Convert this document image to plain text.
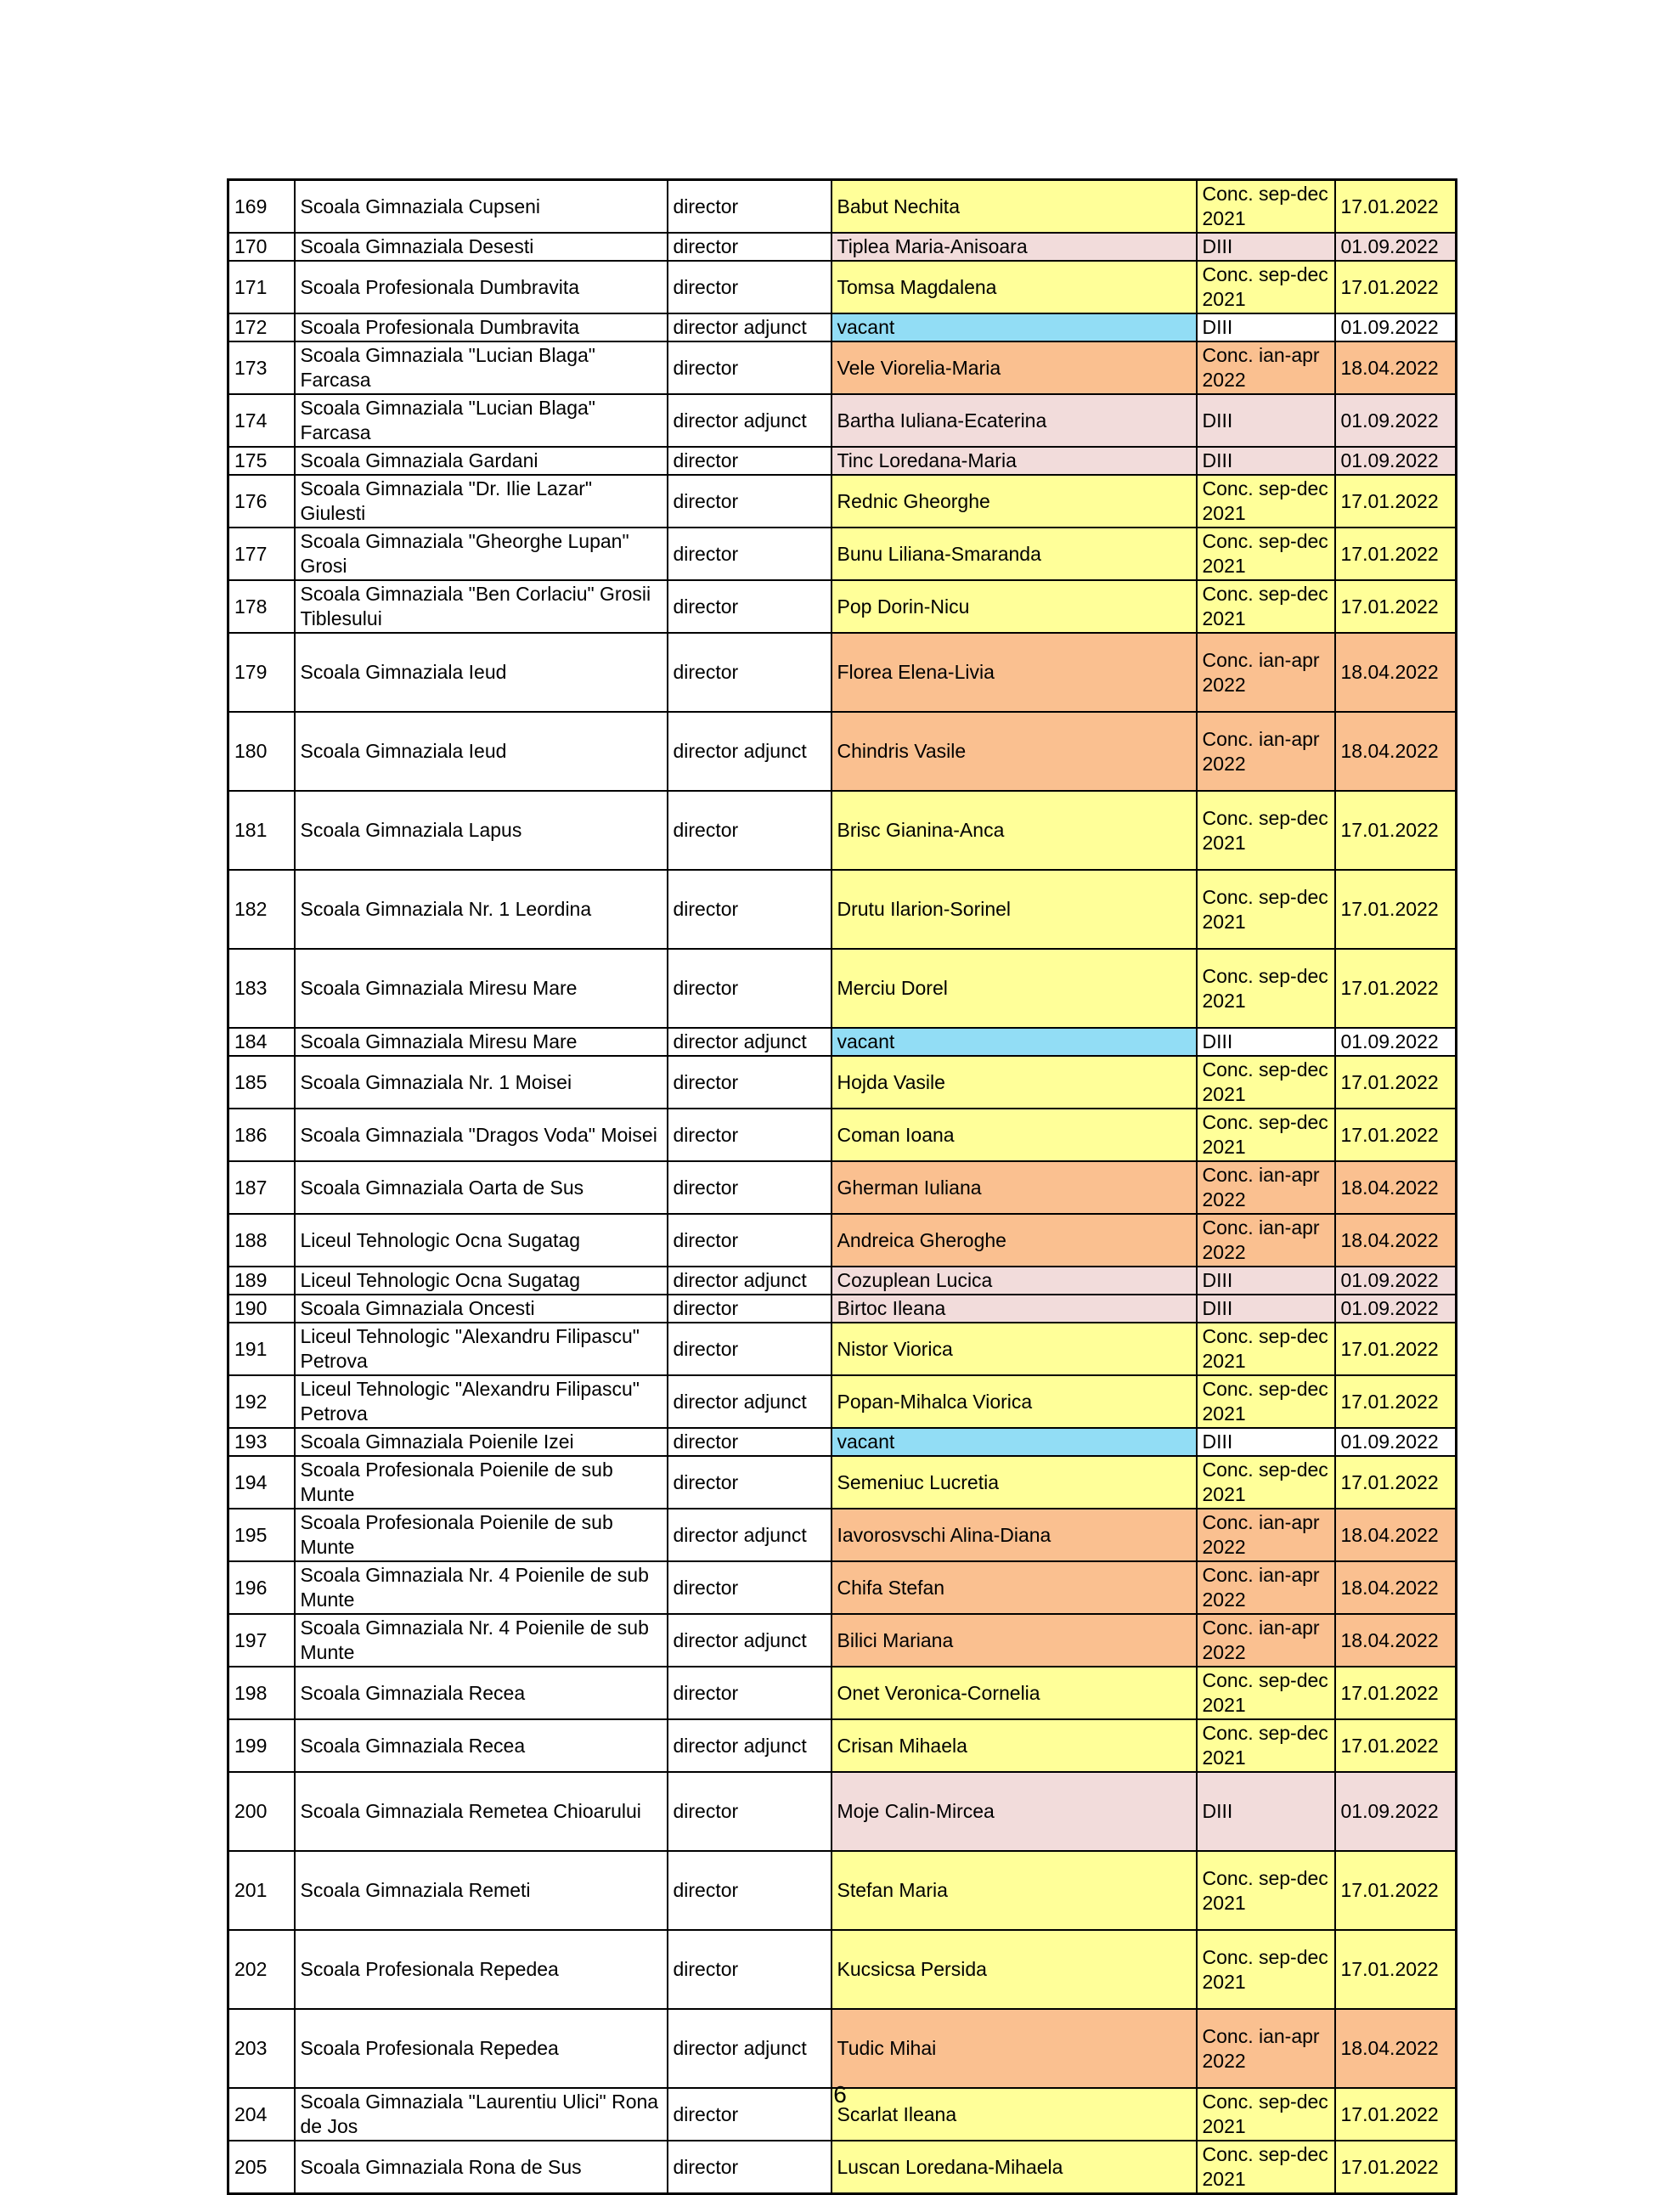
169	Scoala Gimnaziala Cupseni	director	Babut Nechita	Conc. sep-dec 2021	17.01.2022
170	Scoala Gimnaziala Desesti	director	Tiplea Maria-Anisoara	DIII	01.09.2022
171	Scoala Profesionala Dumbravita	director	Tomsa Magdalena	Conc. sep-dec 2021	17.01.2022
172	Scoala Profesionala Dumbravita	director adjunct	vacant	DIII	01.09.2022
173	Scoala Gimnaziala "Lucian Blaga" Farcasa	director	Vele Viorelia-Maria	Conc. ian-apr 2022	18.04.2022
174	Scoala Gimnaziala "Lucian Blaga" Farcasa	director adjunct	Bartha Iuliana-Ecaterina	DIII	01.09.2022
175	Scoala Gimnaziala Gardani	director	Tinc Loredana-Maria	DIII	01.09.2022
176	Scoala Gimnaziala "Dr. Ilie Lazar" Giulesti	director	Rednic Gheorghe	Conc. sep-dec 2021	17.01.2022
177	Scoala Gimnaziala "Gheorghe Lupan" Grosi	director	Bunu Liliana-Smaranda	Conc. sep-dec 2021	17.01.2022
178	Scoala Gimnaziala "Ben Corlaciu" Grosii Tiblesului	director	Pop Dorin-Nicu	Conc. sep-dec 2021	17.01.2022
179	Scoala Gimnaziala Ieud	director	Florea Elena-Livia	Conc. ian-apr 2022	18.04.2022
180	Scoala Gimnaziala Ieud	director adjunct	Chindris Vasile	Conc. ian-apr 2022	18.04.2022
181	Scoala Gimnaziala Lapus	director	Brisc Gianina-Anca	Conc. sep-dec 2021	17.01.2022
182	Scoala Gimnaziala Nr. 1 Leordina	director	Drutu Ilarion-Sorinel	Conc. sep-dec 2021	17.01.2022
183	Scoala Gimnaziala Miresu Mare	director	Merciu Dorel	Conc. sep-dec 2021	17.01.2022
184	Scoala Gimnaziala Miresu Mare	director adjunct	vacant	DIII	01.09.2022
185	Scoala Gimnaziala Nr. 1 Moisei	director	Hojda Vasile	Conc. sep-dec 2021	17.01.2022
186	Scoala Gimnaziala "Dragos Voda" Moisei	director	Coman Ioana	Conc. sep-dec 2021	17.01.2022
187	Scoala Gimnaziala Oarta de Sus	director	Gherman Iuliana	Conc. ian-apr 2022	18.04.2022
188	Liceul Tehnologic Ocna Sugatag	director	Andreica Gheroghe	Conc. ian-apr 2022	18.04.2022
189	Liceul Tehnologic Ocna Sugatag	director adjunct	Cozuplean Lucica	DIII	01.09.2022
190	Scoala Gimnaziala Oncesti	director	Birtoc Ileana	DIII	01.09.2022
191	Liceul Tehnologic "Alexandru Filipascu" Petrova	director	Nistor Viorica	Conc. sep-dec 2021	17.01.2022
192	Liceul Tehnologic "Alexandru Filipascu" Petrova	director adjunct	Popan-Mihalca Viorica	Conc. sep-dec 2021	17.01.2022
193	Scoala Gimnaziala Poienile Izei	director	vacant	DIII	01.09.2022
194	Scoala Profesionala Poienile de sub Munte	director	Semeniuc Lucretia	Conc. sep-dec 2021	17.01.2022
195	Scoala Profesionala Poienile de sub Munte	director adjunct	Iavorosvschi Alina-Diana	Conc. ian-apr 2022	18.04.2022
196	Scoala Gimnaziala Nr. 4 Poienile de sub Munte	director	Chifa Stefan	Conc. ian-apr 2022	18.04.2022
197	Scoala Gimnaziala Nr. 4 Poienile de sub Munte	director adjunct	Bilici Mariana	Conc. ian-apr 2022	18.04.2022
198	Scoala Gimnaziala Recea	director	Onet Veronica-Cornelia	Conc. sep-dec 2021	17.01.2022
199	Scoala Gimnaziala Recea	director adjunct	Crisan Mihaela	Conc. sep-dec 2021	17.01.2022
200	Scoala Gimnaziala Remetea Chioarului	director	Moje Calin-Mircea	DIII	01.09.2022
201	Scoala Gimnaziala Remeti	director	Stefan Maria	Conc. sep-dec 2021	17.01.2022
202	Scoala Profesionala Repedea	director	Kucsicsa Persida	Conc. sep-dec 2021	17.01.2022
203	Scoala Profesionala Repedea	director adjunct	Tudic Mihai	Conc. ian-apr 2022	18.04.2022
204	Scoala Gimnaziala "Laurentiu Ulici" Rona de Jos	director	Scarlat Ileana	Conc. sep-dec 2021	17.01.2022
205	Scoala Gimnaziala Rona de Sus	director	Luscan Loredana-Mihaela	Conc. sep-dec 2021	17.01.2022
6
